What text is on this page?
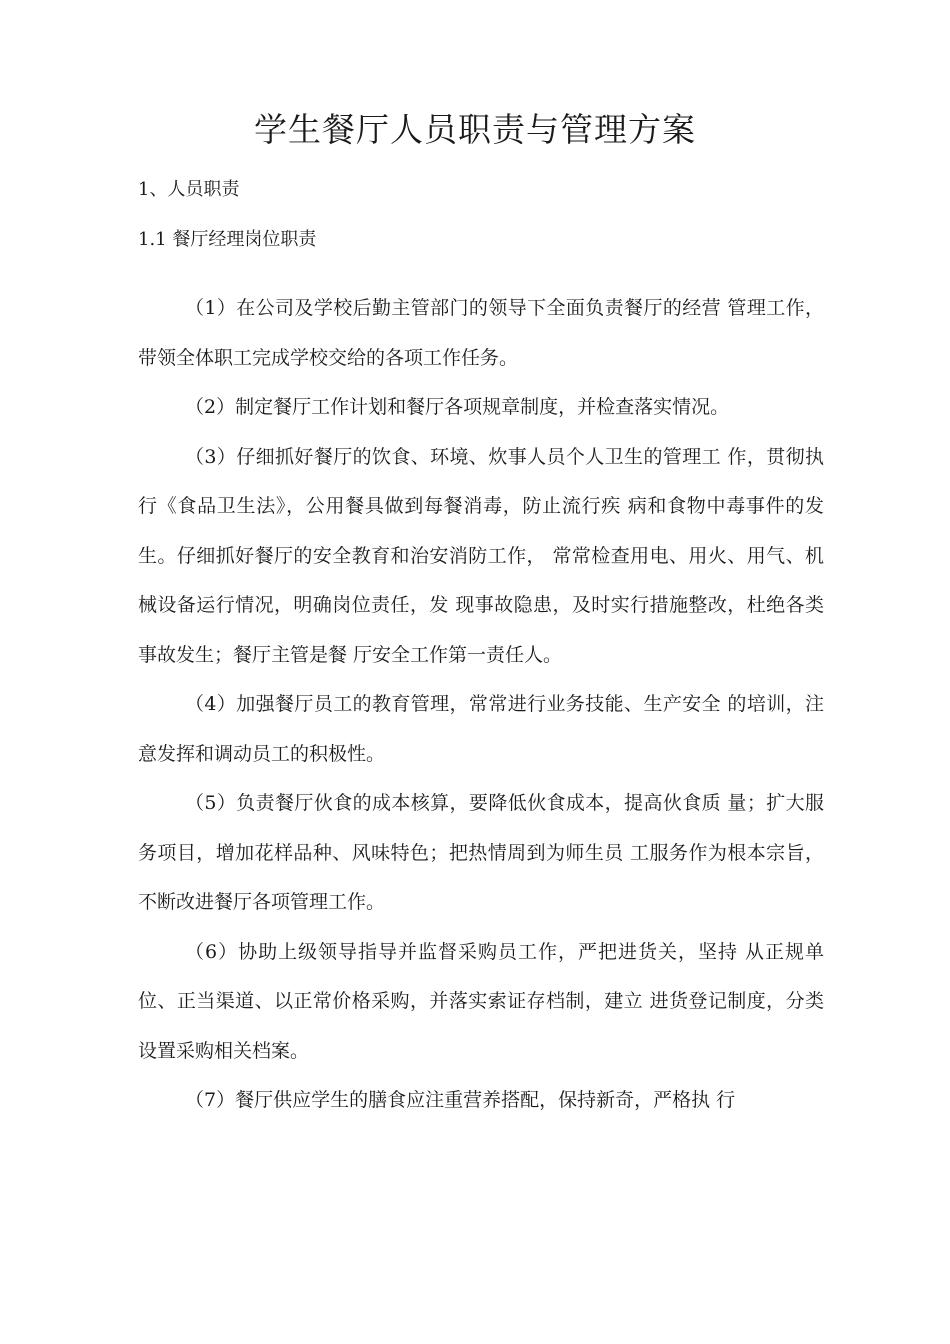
学生餐厅人员职责与管理方案

1、人员职责

1.1 餐厅经理岗位职责

（1）在公司及学校后勤主管部门的领导下全面负责餐厅的经营 管理工作，带领全体职工完成学校交给的各项工作任务。

（2）制定餐厅工作计划和餐厅各项规章制度，并检查落实情况。

（3）仔细抓好餐厅的饮食、环境、炊事人员个人卫生的管理工 作，贯彻执行《食品卫生法》，公用餐具做到每餐消毒，防止流行疾 病和食物中毒事件的发生。仔细抓好餐厅的安全教育和治安消防工作， 常常检查用电、用火、用气、机械设备运行情况，明确岗位责任，发 现事故隐患，及时实行措施整改，杜绝各类事故发生；餐厅主管是餐 厅安全工作第一责任人。

（4）加强餐厅员工的教育管理，常常进行业务技能、生产安全 的培训，注意发挥和调动员工的积极性。

（5）负责餐厅伙食的成本核算，要降低伙食成本，提高伙食质 量；扩大服务项目，增加花样品种、风味特色；把热情周到为师生员 工服务作为根本宗旨，不断改进餐厅各项管理工作。

（6）协助上级领导指导并监督采购员工作，严把进货关，坚持 从正规单位、正当渠道、以正常价格采购，并落实索证存档制，建立 进货登记制度，分类设置采购相关档案。

（7）餐厅供应学生的膳食应注重营养搭配，保持新奇，严格执 行
